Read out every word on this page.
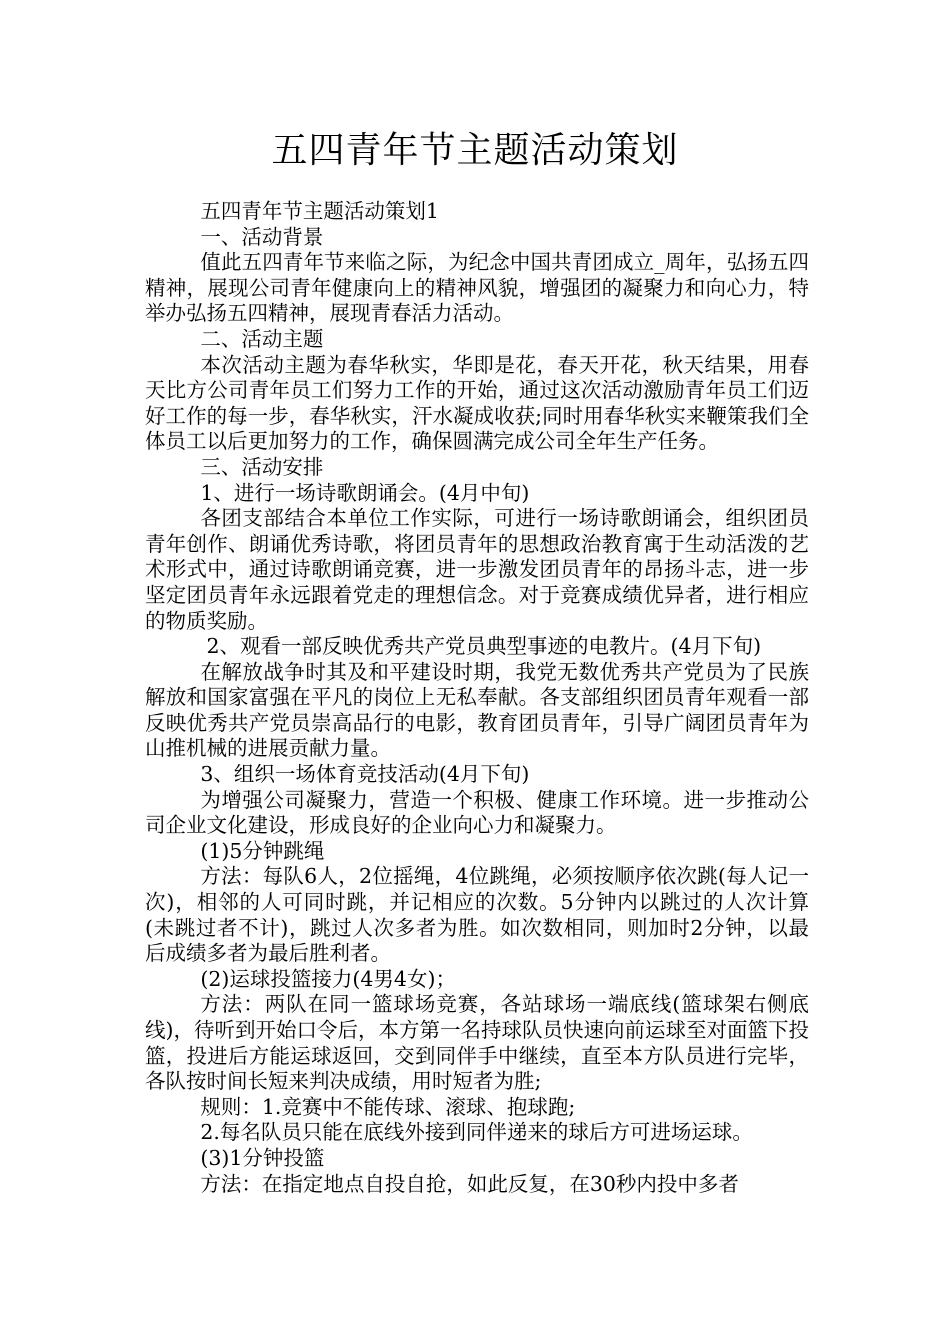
五四青年节主题活动策划

五四青年节主题活动策划1

一、活动背景

值此五四青年节来临之际，为纪念中国共青团成立_周年，弘扬五四精神，展现公司青年健康向上的精神风貌，增强团的凝聚力和向心力，特举办弘扬五四精神，展现青春活力活动。

二、活动主题

本次活动主题为春华秋实，华即是花，春天开花，秋天结果，用春天比方公司青年员工们努力工作的开始，通过这次活动激励青年员工们迈好工作的每一步，春华秋实，汗水凝成收获;同时用春华秋实来鞭策我们全体员工以后更加努力的工作，确保圆满完成公司全年生产任务。

三、活动安排

1、进行一场诗歌朗诵会。(4月中旬)

各团支部结合本单位工作实际，可进行一场诗歌朗诵会，组织团员青年创作、朗诵优秀诗歌，将团员青年的思想政治教育寓于生动活泼的艺术形式中，通过诗歌朗诵竞赛，进一步激发团员青年的昂扬斗志，进一步坚定团员青年永远跟着党走的理想信念。对于竞赛成绩优异者，进行相应的物质奖励。

2、观看一部反映优秀共产党员典型事迹的电教片。(4月下旬)

在解放战争时其及和平建设时期，我党无数优秀共产党员为了民族解放和国家富强在平凡的岗位上无私奉献。各支部组织团员青年观看一部反映优秀共产党员崇高品行的电影，教育团员青年，引导广阔团员青年为山推机械的进展贡献力量。

3、组织一场体育竞技活动(4月下旬)

为增强公司凝聚力，营造一个积极、健康工作环境。进一步推动公司企业文化建设，形成良好的企业向心力和凝聚力。

(1)5分钟跳绳

方法：每队6人，2位摇绳，4位跳绳，必须按顺序依次跳(每人记一次)，相邻的人可同时跳，并记相应的次数。5分钟内以跳过的人次计算(未跳过者不计)，跳过人次多者为胜。如次数相同，则加时2分钟，以最后成绩多者为最后胜利者。

(2)运球投篮接力(4男4女)；

方法：两队在同一篮球场竞赛，各站球场一端底线(篮球架右侧底线)，待听到开始口令后，本方第一名持球队员快速向前运球至对面篮下投篮，投进后方能运球返回，交到同伴手中继续，直至本方队员进行完毕，各队按时间长短来判决成绩，用时短者为胜;

规则：1.竞赛中不能传球、滚球、抱球跑;

2.每名队员只能在底线外接到同伴递来的球后方可进场运球。

(3)1分钟投篮

方法：在指定地点自投自抢，如此反复，在30秒内投中多者
